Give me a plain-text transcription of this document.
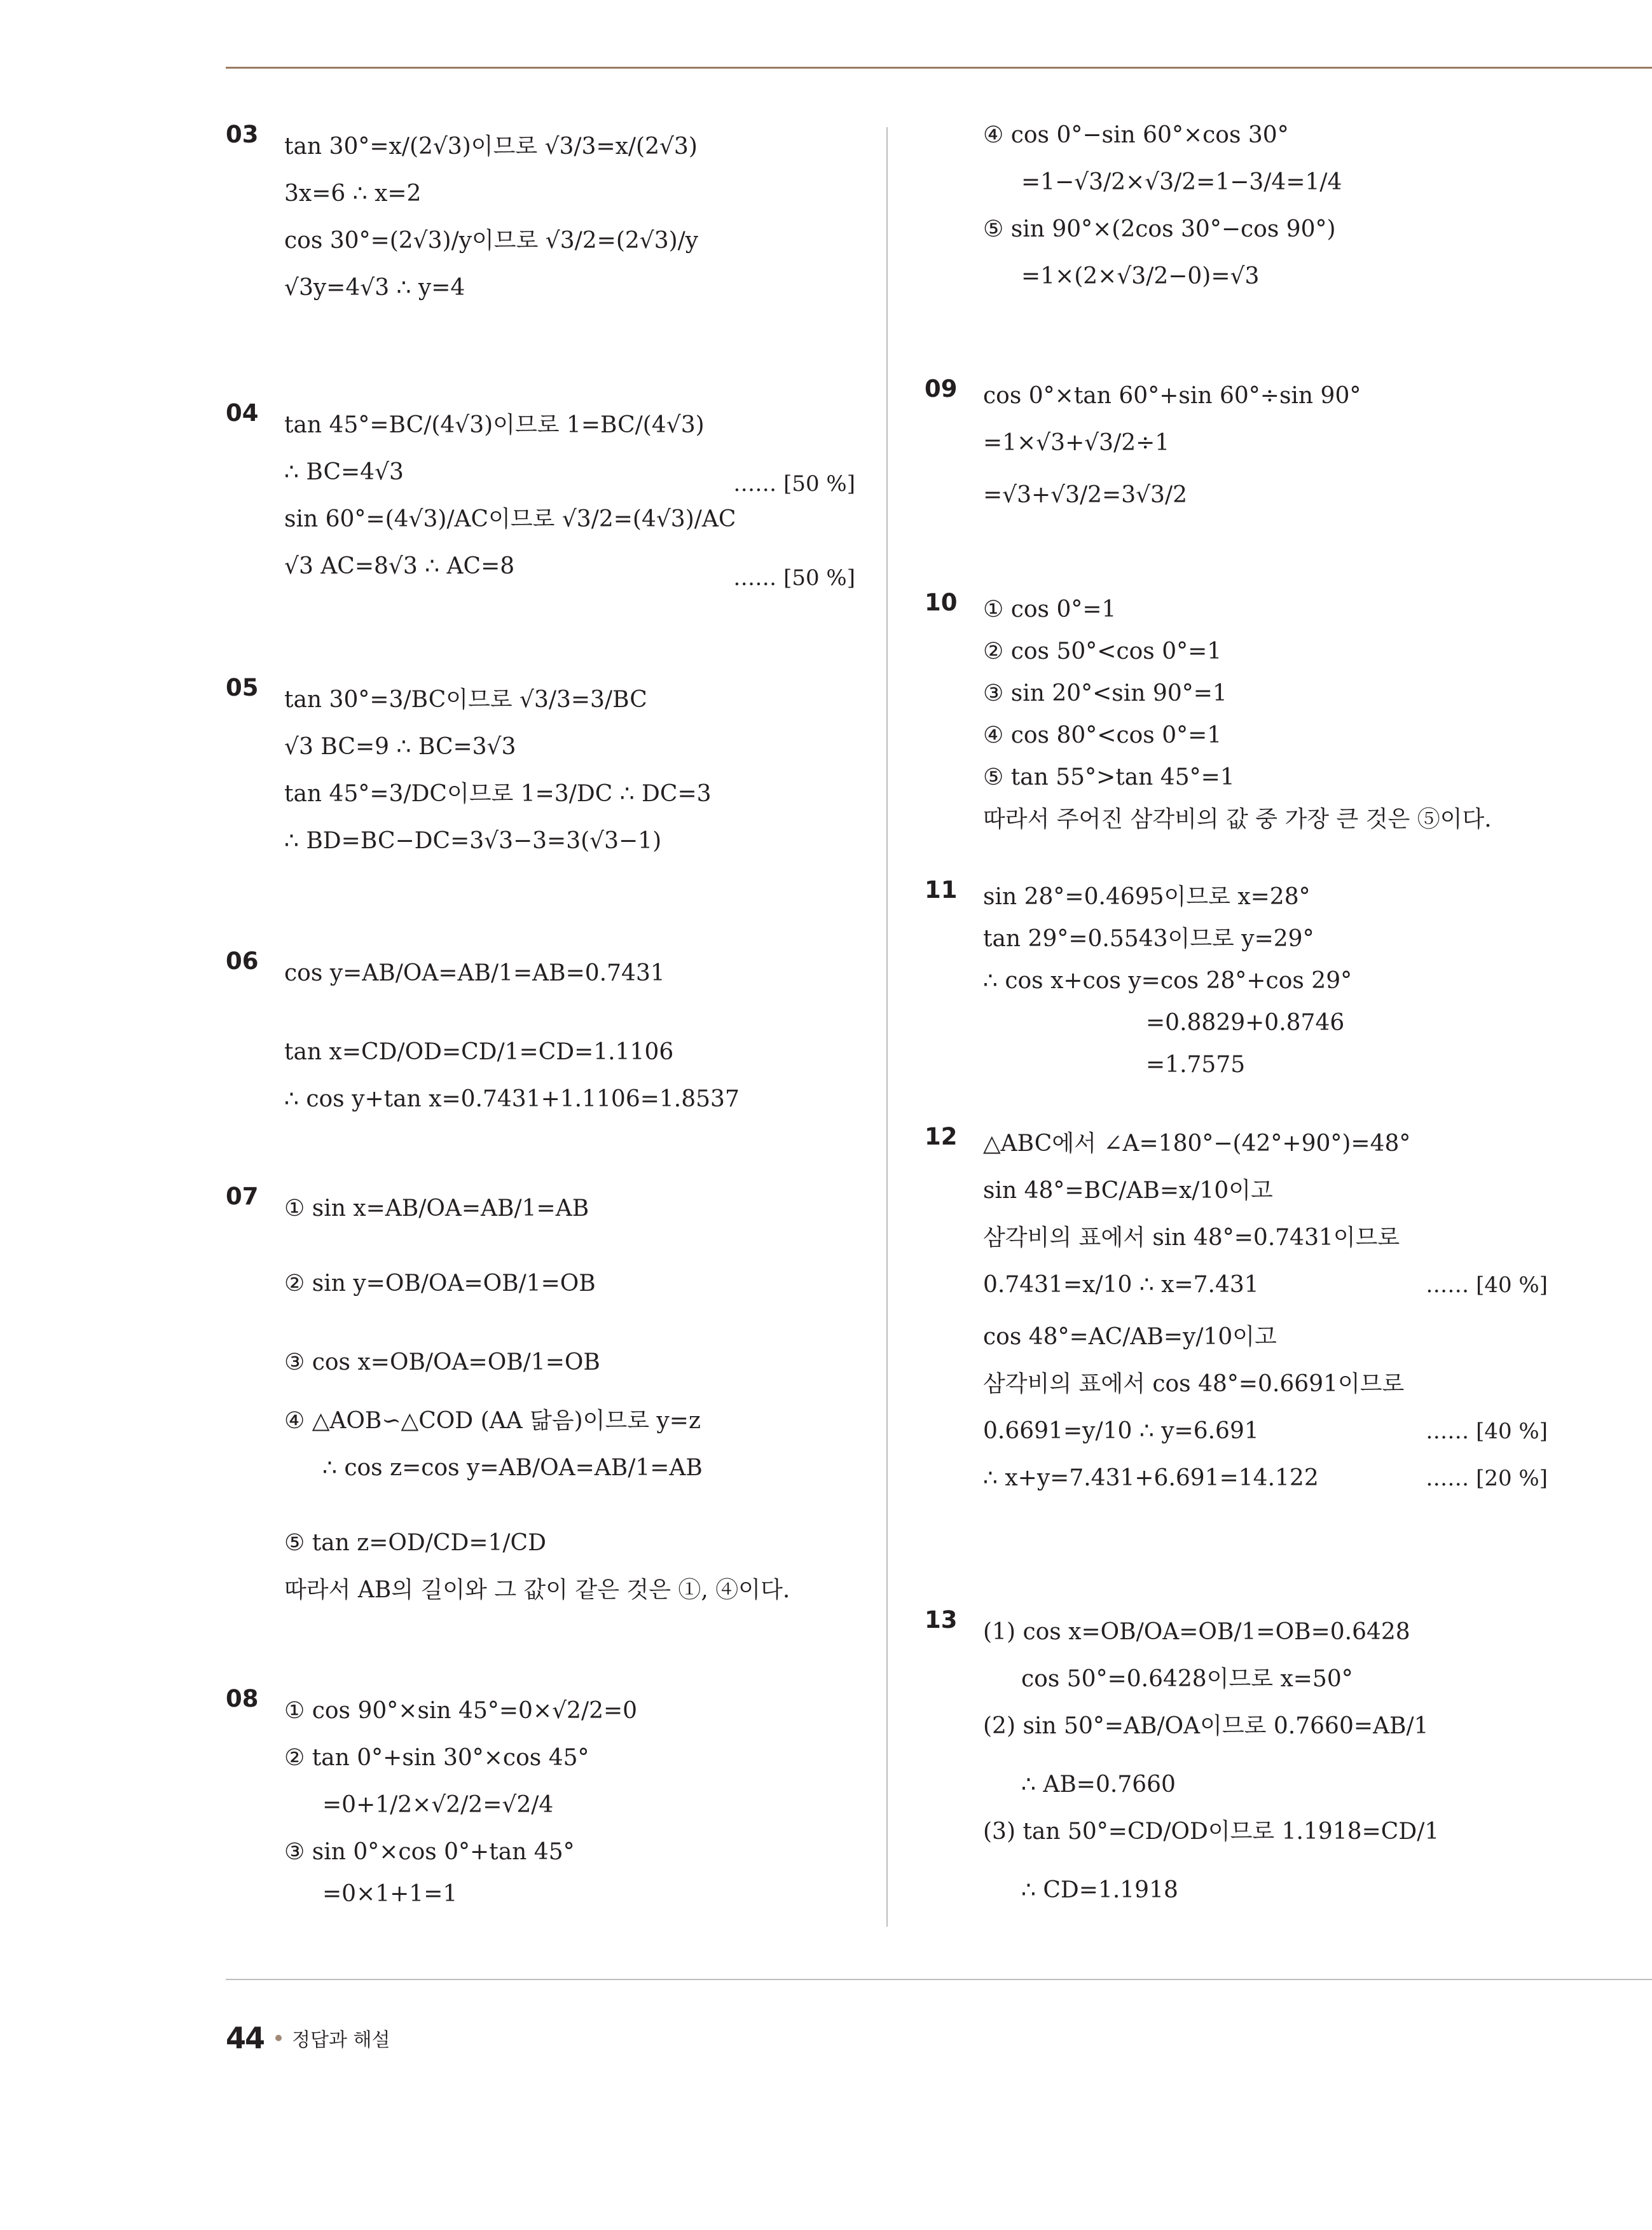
03 tan 30°=x/(2√3)이므로 √3/3=x/(2√3)
3x=6 ∴ x=2
cos 30°=(2√3)/y이므로 √3/2=(2√3)/y
√3y=4√3 ∴ y=4
04 tan 45°=BC/(4√3)이므로 1=BC/(4√3)
∴ BC=4√3
sin 60°=(4√3)/AC이므로 √3/2=(4√3)/AC
√3 AC=8√3 ∴ AC=8
…… [50 %]
…… [50 %]
05 tan 30°=3/BC이므로 √3/3=3/BC
√3 BC=9 ∴ BC=3√3
tan 45°=3/DC이므로 1=3/DC ∴ DC=3
∴ BD=BC−DC=3√3−3=3(√3−1)
06 cos y=AB/OA=AB/1=AB=0.7431
tan x=CD/OD=CD/1=CD=1.1106
∴ cos y+tan x=0.7431+1.1106=1.8537
07 ① sin x=AB/OA=AB/1=AB
② sin y=OB/OA=OB/1=OB
③ cos x=OB/OA=OB/1=OB
④ △AOB∽△COD (AA 닮음)이므로 y=z
∴ cos z=cos y=AB/OA=AB/1=AB
⑤ tan z=OD/CD=1/CD
따라서 AB의 길이와 그 값이 같은 것은 ①, ④이다.
08 ① cos 90°×sin 45°=0×√2/2=0
② tan 0°+sin 30°×cos 45°
=0+1/2×√2/2=√2/4
③ sin 0°×cos 0°+tan 45°
=0×1+1=1
④ cos 0°−sin 60°×cos 30°
=1−√3/2×√3/2=1−3/4=1/4
⑤ sin 90°×(2cos 30°−cos 90°)
=1×(2×√3/2−0)=√3
09 cos 0°×tan 60°+sin 60°÷sin 90°
=1×√3+√3/2÷1
=√3+√3/2=3√3/2
10 ① cos 0°=1
② cos 50°<cos 0°=1
③ sin 20°<sin 90°=1
④ cos 80°<cos 0°=1
⑤ tan 55°>tan 45°=1
따라서 주어진 삼각비의 값 중 가장 큰 것은 ⑤이다.
11 sin 28°=0.4695이므로 x=28°
tan 29°=0.5543이므로 y=29°
∴ cos x+cos y=cos 28°+cos 29°
=0.8829+0.8746
=1.7575
12 △ABC에서 ∠A=180°−(42°+90°)=48°
sin 48°=BC/AB=x/10이고
삼각비의 표에서 sin 48°=0.7431이므로
0.7431=x/10 ∴ x=7.431
cos 48°=AC/AB=y/10이고
삼각비의 표에서 cos 48°=0.6691이므로
0.6691=y/10 ∴ y=6.691
∴ x+y=7.431+6.691=14.122
…… [40 %]
…… [40 %]
…… [20 %]
13 (1) cos x=OB/OA=OB/1=OB=0.6428
cos 50°=0.6428이므로 x=50°
(2) sin 50°=AB/OA이므로 0.7660=AB/1
∴ AB=0.7660
(3) tan 50°=CD/OD이므로 1.1918=CD/1
∴ CD=1.1918
44 정답과 해설
